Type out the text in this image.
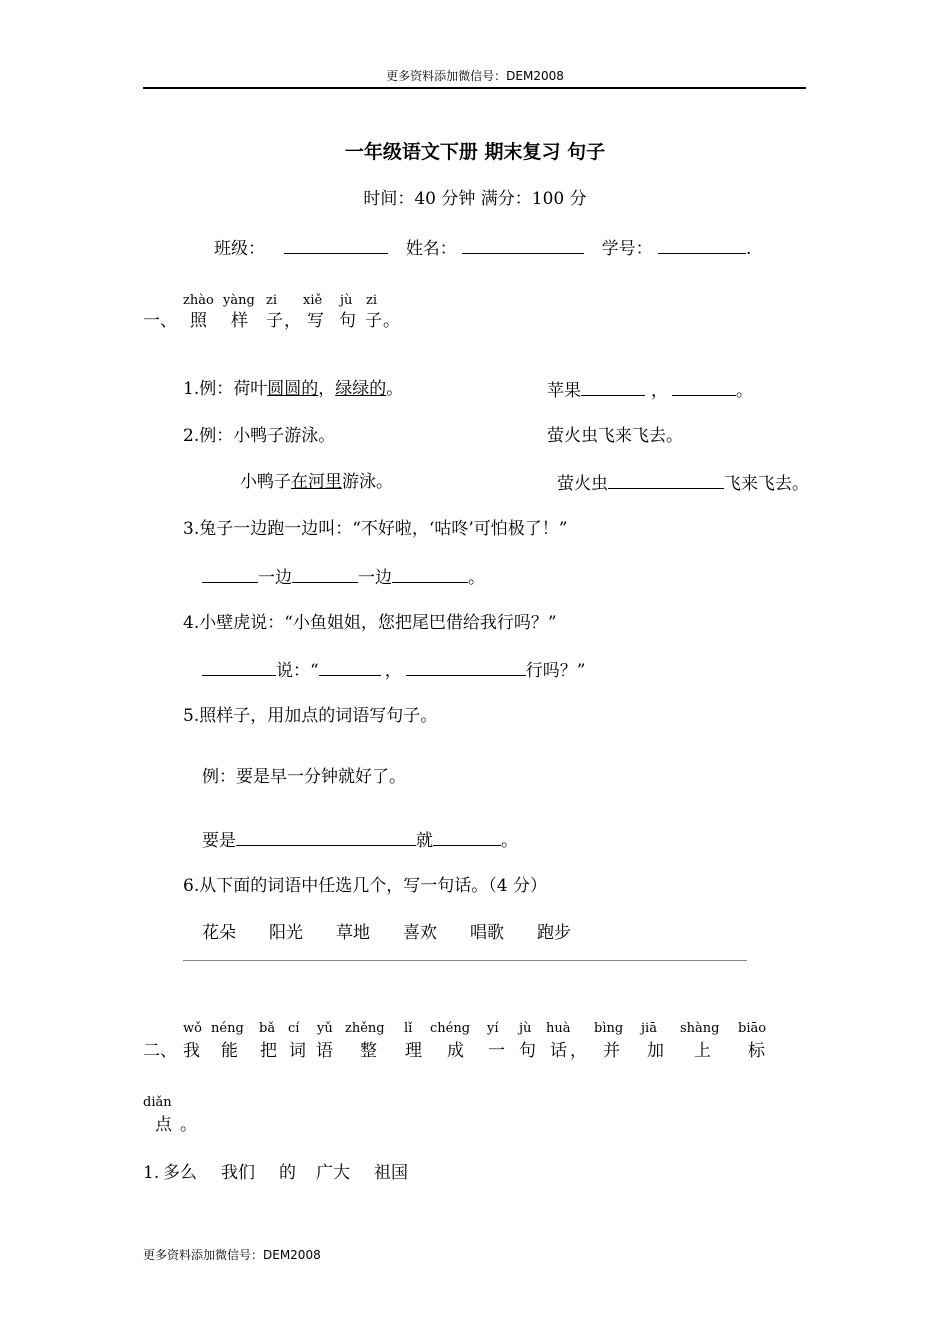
更多资料添加微信号：DEM2008
一年级语文下册 期末复习 句子
时间：40 分钟 满分：100 分
班级：	姓名：	学号：	.
zhào yàng zi xiě jù zi
一、 照 样 子 ， 写 句 子 。
1.例：荷叶圆圆的，绿绿的。	苹果	，	。
2.例：小鸭子游泳。	萤火虫飞来飞去。
小鸭子在河里游泳。	萤火虫	飞来飞去。
3.兔子一边跑一边叫：“不好啦，‘咕咚’可怕极了！”
一边	一边	。
4.小壁虎说：“小鱼姐姐，您把尾巴借给我行吗？”
说：“	，	行吗？”
5.照样子，用加点的词语写句子。
例：要是早一分钟就好了。
要是	就	。
6.从下面的词语中任选几个，写一句话。（4 分）
花朵 阳光 草地 喜欢 唱歌 跑步
wǒ néng bǎ cí yǔ zhěng lǐ chéng yí jù huà bìng jiā shàng biāo
二、 我 能 把 词 语 整 理 成 一 句 话 ， 并 加 上 标
diǎn
点 。
1. 多么 我们 的 广大 祖国
更多资料添加微信号：DEM2008
